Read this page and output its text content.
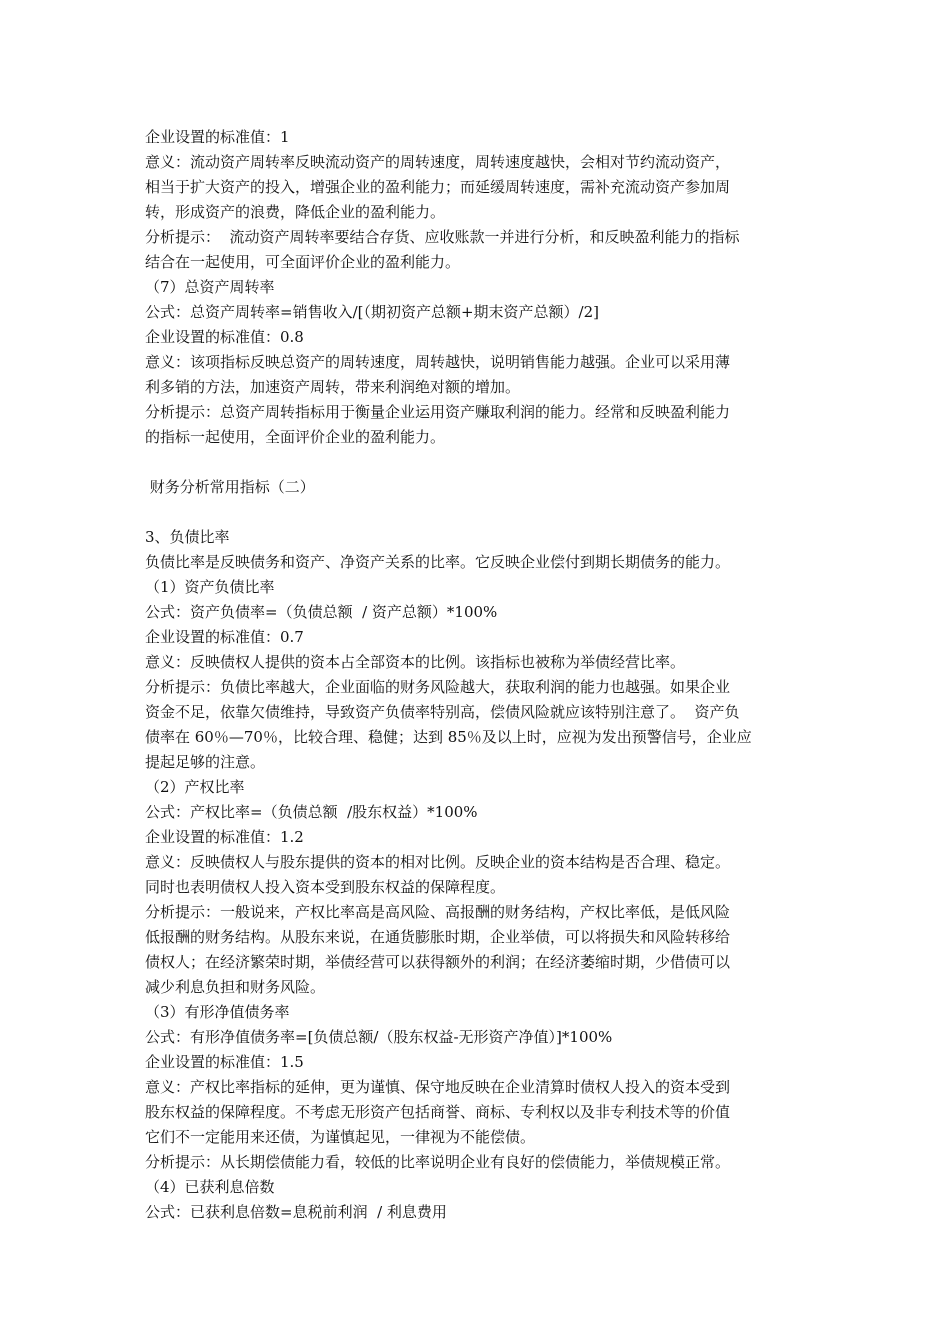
企业设置的标准值：1

意义：流动资产周转率反映流动资产的周转速度，周转速度越快，会相对节约流动资产，

相当于扩大资产的投入，增强企业的盈利能力；而延缓周转速度，需补充流动资产参加周

转，形成资产的浪费，降低企业的盈利能力。

分析提示：  流动资产周转率要结合存货、应收账款一并进行分析，和反映盈利能力的指标

结合在一起使用，可全面评价企业的盈利能力。

（7）总资产周转率

公式：总资产周转率=销售收入/[（期初资产总额+期末资产总额）/2]

企业设置的标准值：0.8

意义：该项指标反映总资产的周转速度，周转越快，说明销售能力越强。企业可以采用薄

利多销的方法，加速资产周转，带来利润绝对额的增加。

分析提示：总资产周转指标用于衡量企业运用资产赚取利润的能力。经常和反映盈利能力

的指标一起使用，全面评价企业的盈利能力。

财务分析常用指标（二）

3、负债比率

负债比率是反映债务和资产、净资产关系的比率。它反映企业偿付到期长期债务的能力。

（1）资产负债比率

公式：资产负债率=（负债总额  / 资产总额）*100%

企业设置的标准值：0.7

意义：反映债权人提供的资本占全部资本的比例。该指标也被称为举债经营比率。

分析提示：负债比率越大，企业面临的财务风险越大，获取利润的能力也越强。如果企业

资金不足，依靠欠债维持，导致资产负债率特别高，偿债风险就应该特别注意了。  资产负

债率在 60％—70％，比较合理、稳健；达到 85％及以上时，应视为发出预警信号，企业应

提起足够的注意。

（2）产权比率

公式：产权比率=（负债总额  /股东权益）*100%

企业设置的标准值：1.2

意义：反映债权人与股东提供的资本的相对比例。反映企业的资本结构是否合理、稳定。

同时也表明债权人投入资本受到股东权益的保障程度。

分析提示：一般说来，产权比率高是高风险、高报酬的财务结构，产权比率低，是低风险

低报酬的财务结构。从股东来说，在通货膨胀时期，企业举债，可以将损失和风险转移给

债权人；在经济繁荣时期，举债经营可以获得额外的利润；在经济萎缩时期，少借债可以

减少利息负担和财务风险。

（3）有形净值债务率

公式：有形净值债务率=[负债总额/（股东权益-无形资产净值）]*100%

企业设置的标准值：1.5

意义：产权比率指标的延伸，更为谨慎、保守地反映在企业清算时债权人投入的资本受到

股东权益的保障程度。不考虑无形资产包括商誉、商标、专利权以及非专利技术等的价值

它们不一定能用来还债，为谨慎起见，一律视为不能偿债。

分析提示：从长期偿债能力看，较低的比率说明企业有良好的偿债能力，举债规模正常。

（4）已获利息倍数

公式：已获利息倍数=息税前利润  / 利息费用
